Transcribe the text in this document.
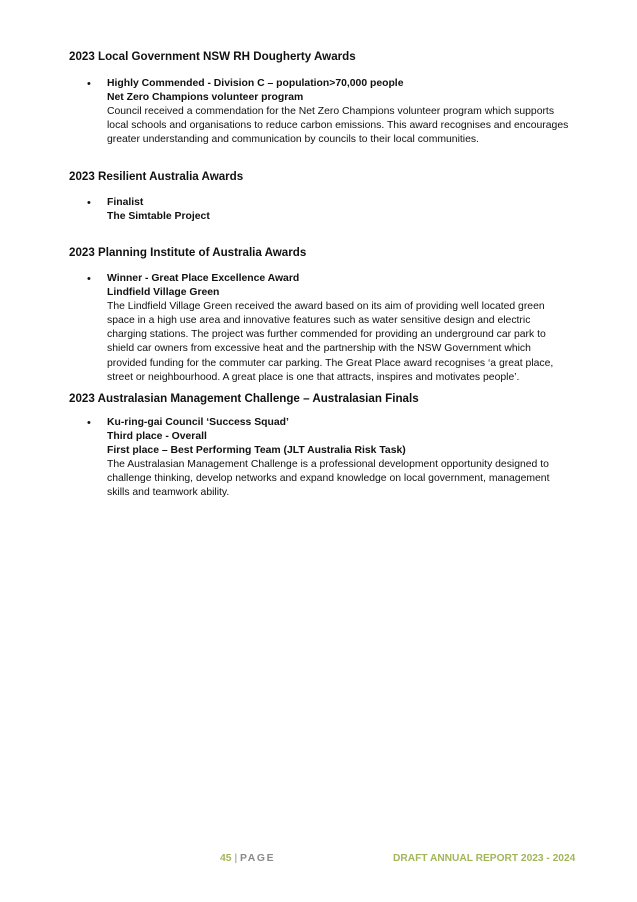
2023 Local Government NSW RH Dougherty Awards
• Highly Commended - Division C – population>70,000 people
Net Zero Champions volunteer program
Council received a commendation for the Net Zero Champions volunteer program which supports
local schools and organisations to reduce carbon emissions. This award recognises and encourages
greater understanding and communication by councils to their local communities.
2023 Resilient Australia Awards
• Finalist
The Simtable Project
2023 Planning Institute of Australia Awards
• Winner - Great Place Excellence Award
Lindfield Village Green
The Lindfield Village Green received the award based on its aim of providing well located green
space in a high use area and innovative features such as water sensitive design and electric
charging stations. The project was further commended for providing an underground car park to
shield car owners from excessive heat and the partnership with the NSW Government which
provided funding for the commuter car parking. The Great Place award recognises ‘a great place,
street or neighbourhood. A great place is one that attracts, inspires and motivates people’.
2023 Australasian Management Challenge – Australasian Finals
• Ku-ring-gai Council ‘Success Squad’
Third place - Overall
First place – Best Performing Team (JLT Australia Risk Task)
The Australasian Management Challenge is a professional development opportunity designed to
challenge thinking, develop networks and expand knowledge on local government, management
skills and teamwork ability.
45 | PAGE	DRAFT ANNUAL REPORT 2023 - 2024
